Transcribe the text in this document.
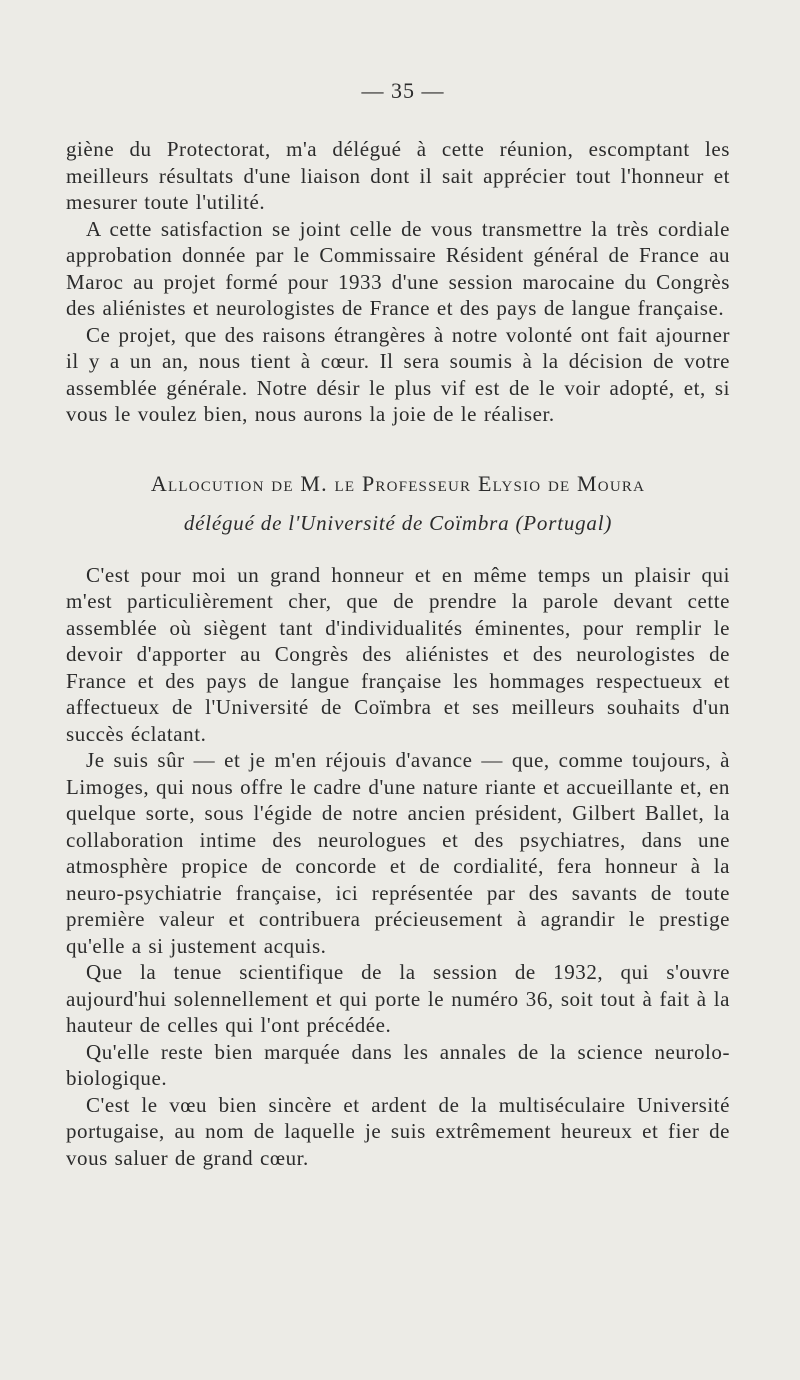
— 35 —

giène du Protectorat, m'a délégué à cette réunion, escomptant les meilleurs résultats d'une liaison dont il sait apprécier tout l'honneur et mesurer toute l'utilité.

A cette satisfaction se joint celle de vous transmettre la très cordiale approbation donnée par le Commissaire Résident général de France au Maroc au projet formé pour 1933 d'une session marocaine du Congrès des aliénistes et neurologistes de France et des pays de langue française.

Ce projet, que des raisons étrangères à notre volonté ont fait ajourner il y a un an, nous tient à cœur. Il sera soumis à la décision de votre assemblée générale. Notre désir le plus vif est de le voir adopté, et, si vous le voulez bien, nous aurons la joie de le réaliser.

Allocution de M. le Professeur Elysio de Moura
délégué de l'Université de Coïmbra (Portugal)

C'est pour moi un grand honneur et en même temps un plaisir qui m'est particulièrement cher, que de prendre la parole devant cette assemblée où siègent tant d'individualités éminentes, pour remplir le devoir d'apporter au Congrès des aliénistes et des neurologistes de France et des pays de langue française les hommages respectueux et affectueux de l'Université de Coïmbra et ses meilleurs souhaits d'un succès éclatant.

Je suis sûr — et je m'en réjouis d'avance — que, comme toujours, à Limoges, qui nous offre le cadre d'une nature riante et accueillante et, en quelque sorte, sous l'égide de notre ancien président, Gilbert Ballet, la collaboration intime des neurologues et des psychiatres, dans une atmosphère propice de concorde et de cordialité, fera honneur à la neuro-psychiatrie française, ici représentée par des savants de toute première valeur et contribuera précieusement à agrandir le prestige qu'elle a si justement acquis.

Que la tenue scientifique de la session de 1932, qui s'ouvre aujourd'hui solennellement et qui porte le numéro 36, soit tout à fait à la hauteur de celles qui l'ont précédée.

Qu'elle reste bien marquée dans les annales de la science neurolo-biologique.

C'est le vœu bien sincère et ardent de la multiséculaire Université portugaise, au nom de laquelle je suis extrêmement heureux et fier de vous saluer de grand cœur.
